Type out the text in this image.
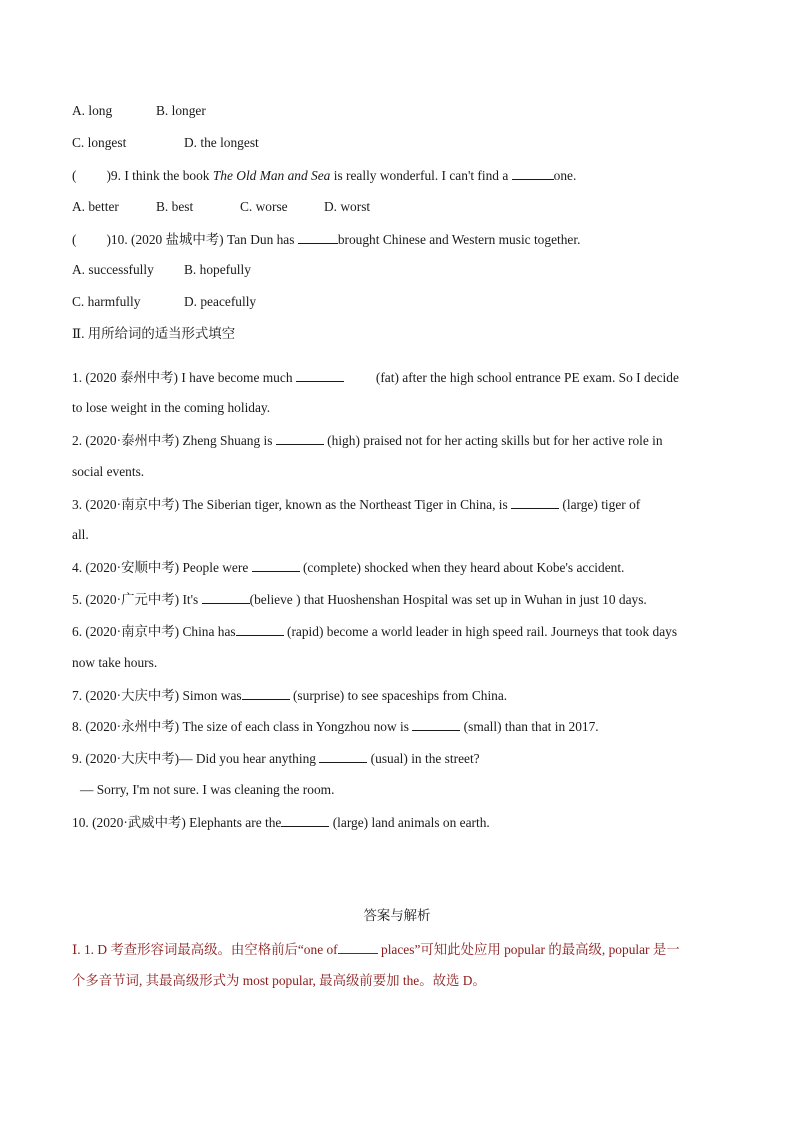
A. long	B. longer
C. longest	D. the longest
( )9. I think the book The Old Man and Sea is really wonderful. I can't find a	one.
A. better	B. best	C. worse	D. worst
( )10. (2020 盐城中考) Tan Dun has	brought Chinese and Western music together.
A. successfully B. hopefully
C. harmfully	D. peacefully
Ⅱ. 用所给词的适当形式填空
1. (2020 泰州中考) I have become much	(fat) after the high school entrance PE exam. So I decide
to lose weight in the coming holiday.
2. (2020·泰州中考) Zheng Shuang is	(high) praised not for her acting skills but for her active role in
social events.
3. (2020·南京中考) The Siberian tiger, known as the Northeast Tiger in China, is	(large) tiger of
all.
4. (2020·安顺中考) People were	(complete) shocked when they heard about Kobe's accident.
5. (2020·广元中考) It's	(believe ) that Huoshenshan Hospital was set up in Wuhan in just 10 days.
6. (2020·南京中考) China has	(rapid) become a world leader in high speed rail. Journeys that took days
now take hours.
7. (2020·大庆中考) Simon was	(surprise) to see spaceships from China.
8. (2020·永州中考) The size of each class in Yongzhou now is	(small) than that in 2017.
9. (2020·大庆中考)— Did you hear anything	(usual) in the street?
— Sorry, I'm not sure. I was cleaning the room.
10. (2020·武威中考) Elephants are the	(large) land animals on earth.
答案与解析
Ⅰ. 1. D 考查形容词最高级。由空格前后“one of	places”可知此处应用 popular 的最高级, popular 是一
个多音节词, 其最高级形式为 most popular, 最高级前要加 the。故选 D。
